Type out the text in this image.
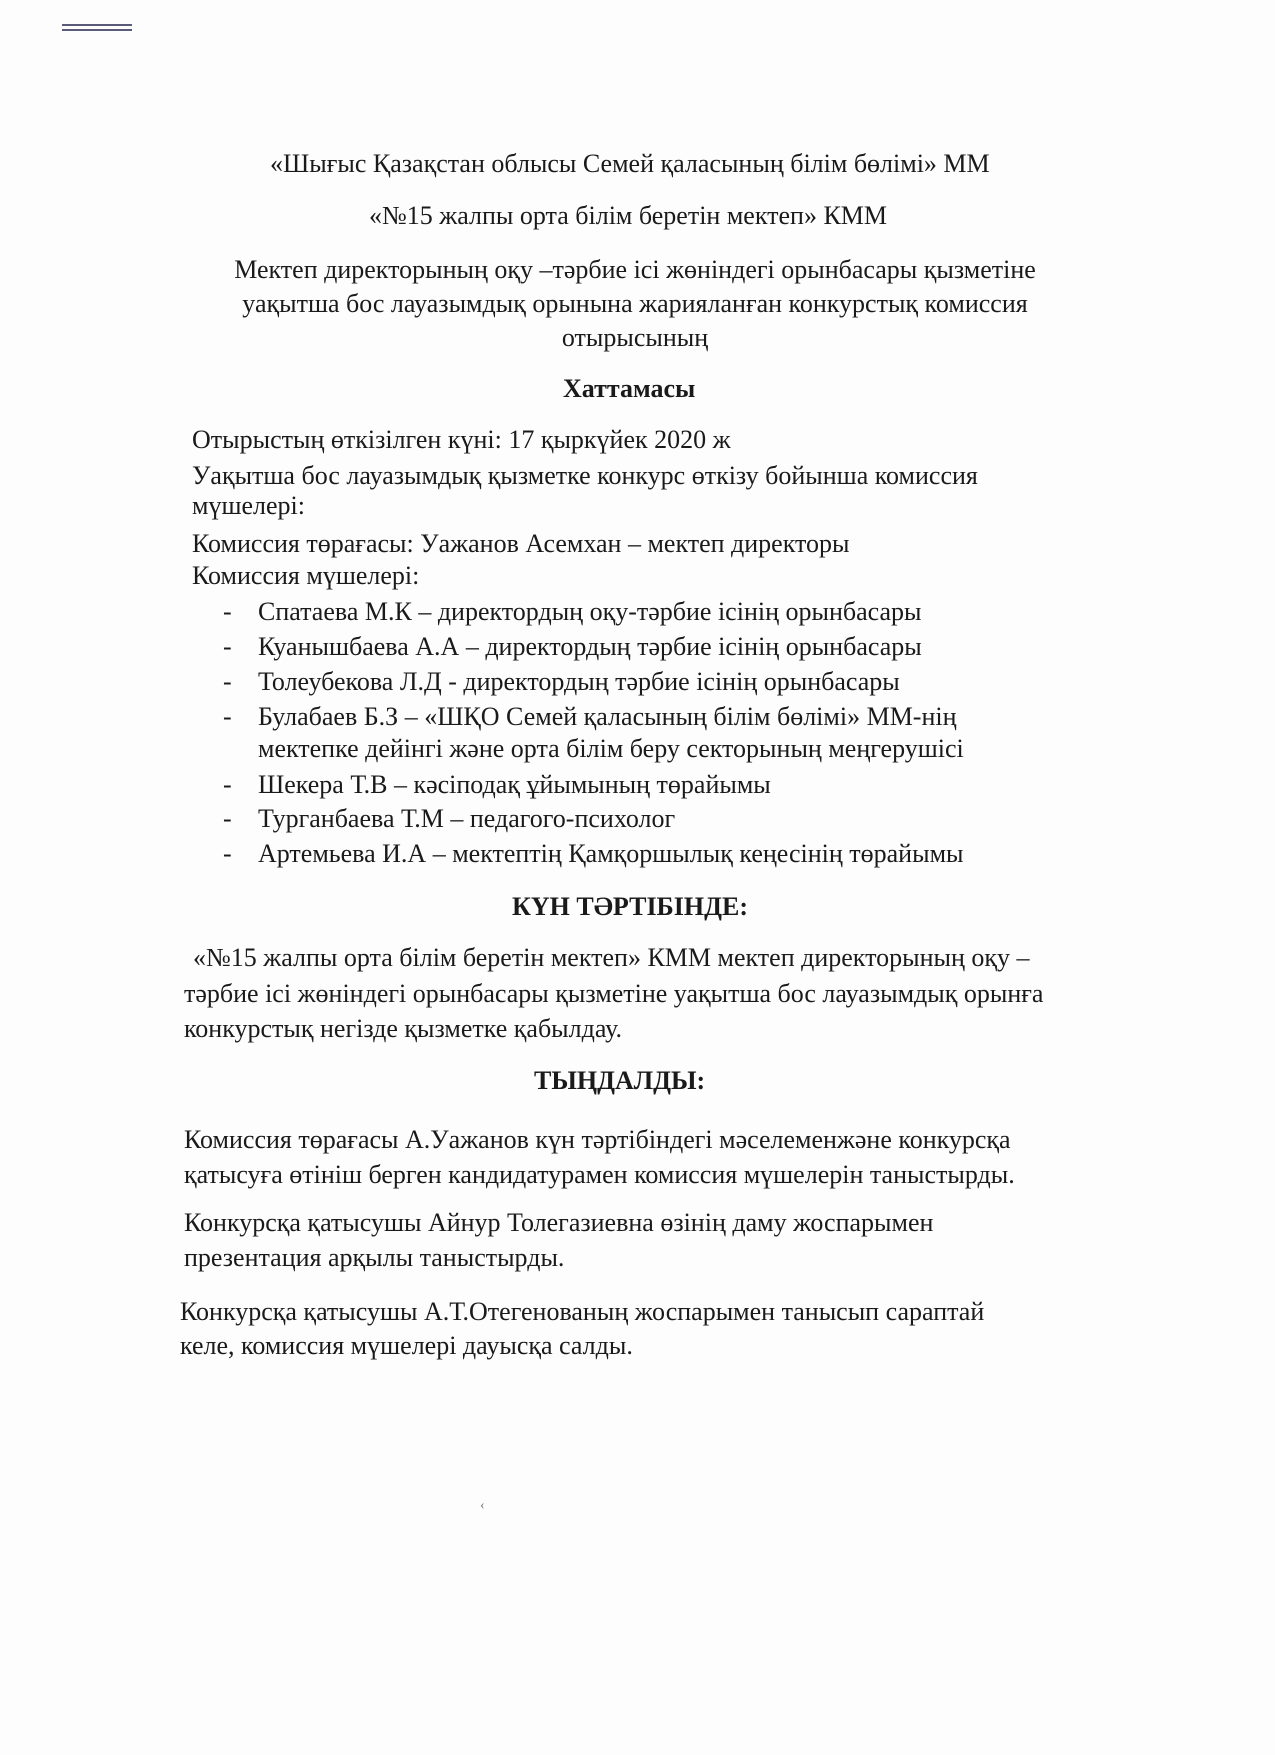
«Шығыс Қазақстан облысы Семей қаласының білім бөлімі» ММ
«№15 жалпы орта білім беретін мектеп» КММ
Мектеп директорының оқу –тәрбие ісі жөніндегі орынбасары қызметіне
уақытша бос лауазымдық орынына жарияланған конкурстық комиссия
отырысының
Хаттамасы
Отырыстың өткізілген күні: 17 қыркүйек 2020 ж
Уақытша бос лауазымдық қызметке конкурс өткізу бойынша комиссия
мүшелері:
Комиссия төрағасы: Уажанов Асемхан – мектеп директоры
Комиссия мүшелері:
- Спатаева М.К – директордың оқу-тәрбие ісінің орынбасары
- Куанышбаева А.А – директордың тәрбие ісінің орынбасары
- Толеубекова Л.Д - директордың тәрбие ісінің орынбасары
- Булабаев Б.З – «ШҚО Семей қаласының білім бөлімі» ММ-нің
мектепке дейінгі және орта білім беру секторының меңгерушісі
- Шекера Т.В – кәсіподақ ұйымының төрайымы
- Турганбаева Т.М – педагого-психолог
- Артемьева И.А – мектептің Қамқоршылық кеңесінің төрайымы
КҮН ТӘРТІБІНДЕ:
«№15 жалпы орта білім беретін мектеп» КММ мектеп директорының оқу –
тәрбие ісі жөніндегі орынбасары қызметіне уақытша бос лауазымдық орынға
конкурстық негізде қызметке қабылдау.
ТЫҢДАЛДЫ:
Комиссия төрағасы А.Уажанов күн тәртібіндегі мәселеменжәне конкурсқа
қатысуға өтініш берген кандидатурамен комиссия мүшелерін таныстырды.
Конкурсқа қатысушы Айнур Толегазиевна өзінің даму жоспарымен
презентация арқылы таныстырды.
Конкурсқа қатысушы А.Т.Отегенованың жоспарымен танысып сараптай
келе, комиссия мүшелері дауысқа салды.
‹
